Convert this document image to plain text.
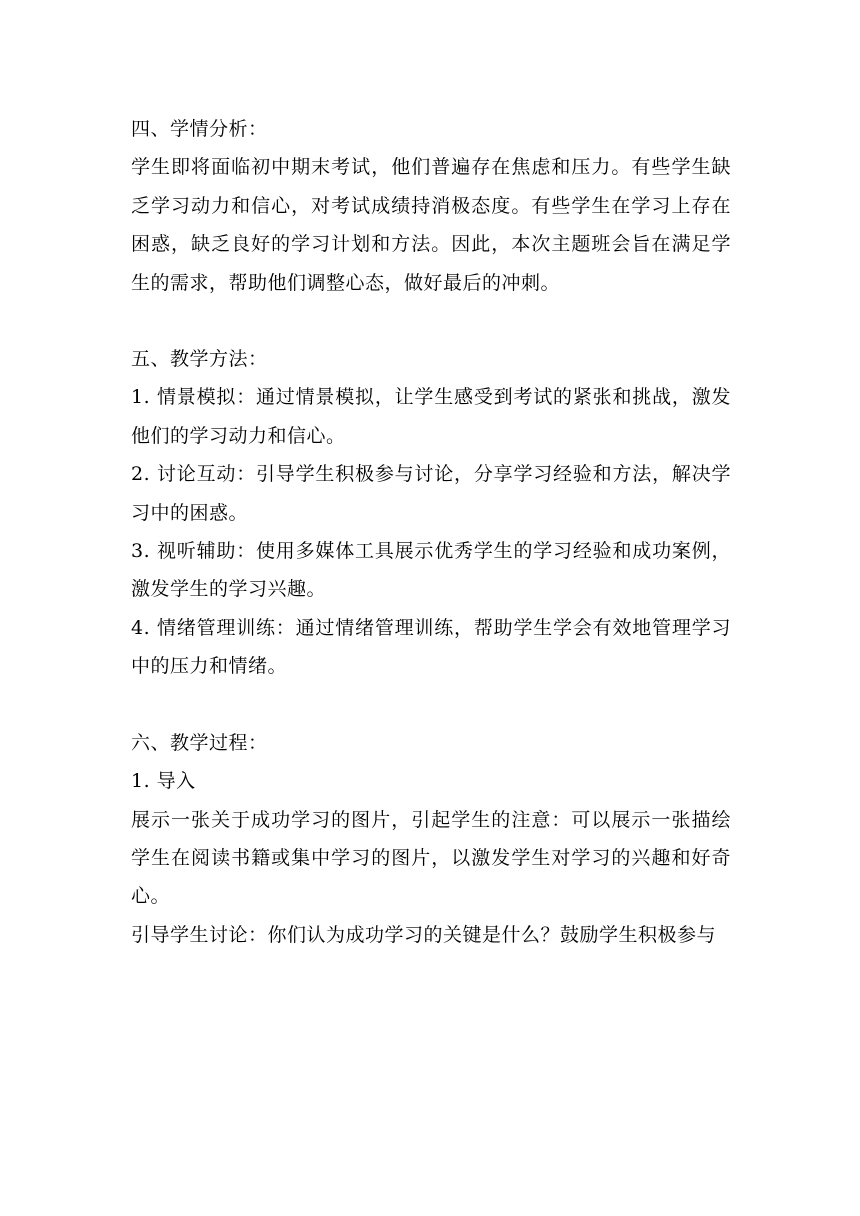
四、学情分析：

学生即将面临初中期末考试，他们普遍存在焦虑和压力。有些学生缺乏学习动力和信心，对考试成绩持消极态度。有些学生在学习上存在困惑，缺乏良好的学习计划和方法。因此，本次主题班会旨在满足学生的需求，帮助他们调整心态，做好最后的冲刺。

五、教学方法：

1. 情景模拟：通过情景模拟，让学生感受到考试的紧张和挑战，激发他们的学习动力和信心。

2. 讨论互动：引导学生积极参与讨论，分享学习经验和方法，解决学习中的困惑。

3. 视听辅助：使用多媒体工具展示优秀学生的学习经验和成功案例，激发学生的学习兴趣。

4. 情绪管理训练：通过情绪管理训练，帮助学生学会有效地管理学习中的压力和情绪。

六、教学过程：

1. 导入

展示一张关于成功学习的图片，引起学生的注意：可以展示一张描绘学生在阅读书籍或集中学习的图片，以激发学生对学习的兴趣和好奇心。

引导学生讨论：你们认为成功学习的关键是什么？鼓励学生积极参与
